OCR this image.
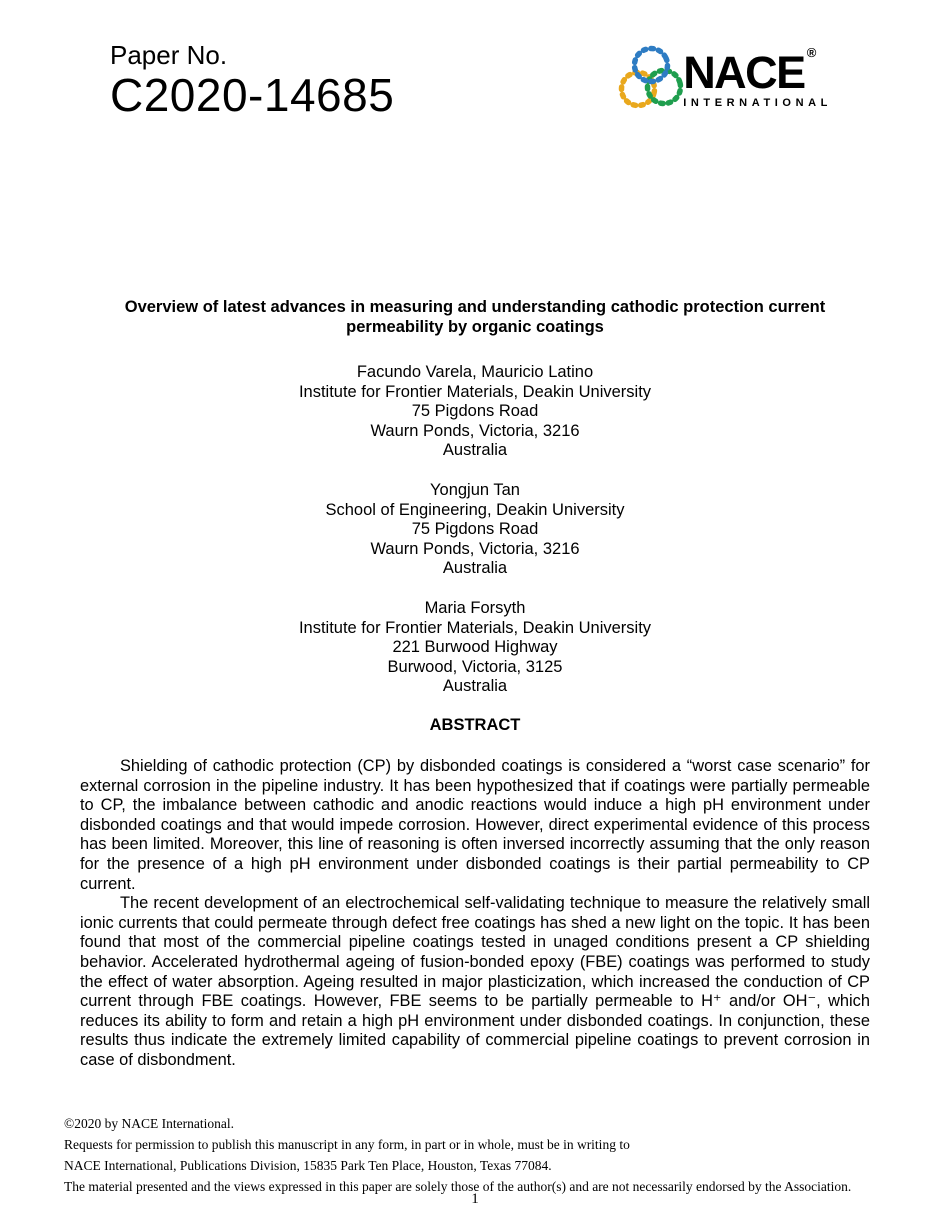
Paper No.
C2020-14685	NACE ®
INTERNATIONAL
Overview of latest advances in measuring and understanding cathodic protection current
permeability by organic coatings
Facundo Varela, Mauricio Latino
Institute for Frontier Materials, Deakin University
75 Pigdons Road
Waurn Ponds, Victoria, 3216
Australia
Yongjun Tan
School of Engineering, Deakin University
75 Pigdons Road
Waurn Ponds, Victoria, 3216
Australia
Maria Forsyth
Institute for Frontier Materials, Deakin University
221 Burwood Highway
Burwood, Victoria, 3125
Australia
ABSTRACT

Shielding of cathodic protection (CP) by disbonded coatings is considered a “worst case scenario” for external corrosion in the pipeline industry. It has been hypothesized that if coatings were partially permeable to CP, the imbalance between cathodic and anodic reactions would induce a high pH environment under disbonded coatings and that would impede corrosion. However, direct experimental evidence of this process has been limited. Moreover, this line of reasoning is often inversed incorrectly assuming that the only reason for the presence of a high pH environment under disbonded coatings is their partial permeability to CP current.

The recent development of an electrochemical self-validating technique to measure the relatively small ionic currents that could permeate through defect free coatings has shed a new light on the topic. It has been found that most of the commercial pipeline coatings tested in unaged conditions present a CP shielding behavior. Accelerated hydrothermal ageing of fusion-bonded epoxy (FBE) coatings was performed to study the effect of water absorption. Ageing resulted in major plasticization, which increased the conduction of CP current through FBE coatings. However, FBE seems to be partially permeable to H⁺ and/or OH⁻, which reduces its ability to form and retain a high pH environment under disbonded coatings. In conjunction, these results thus indicate the extremely limited capability of commercial pipeline coatings to prevent corrosion in case of disbondment.

©2020 by NACE International.
Requests for permission to publish this manuscript in any form, in part or in whole, must be in writing to
NACE International, Publications Division, 15835 Park Ten Place, Houston, Texas 77084.
The material presented and the views expressed in this paper are solely those of the author(s) and are not necessarily endorsed by the Association.
1
